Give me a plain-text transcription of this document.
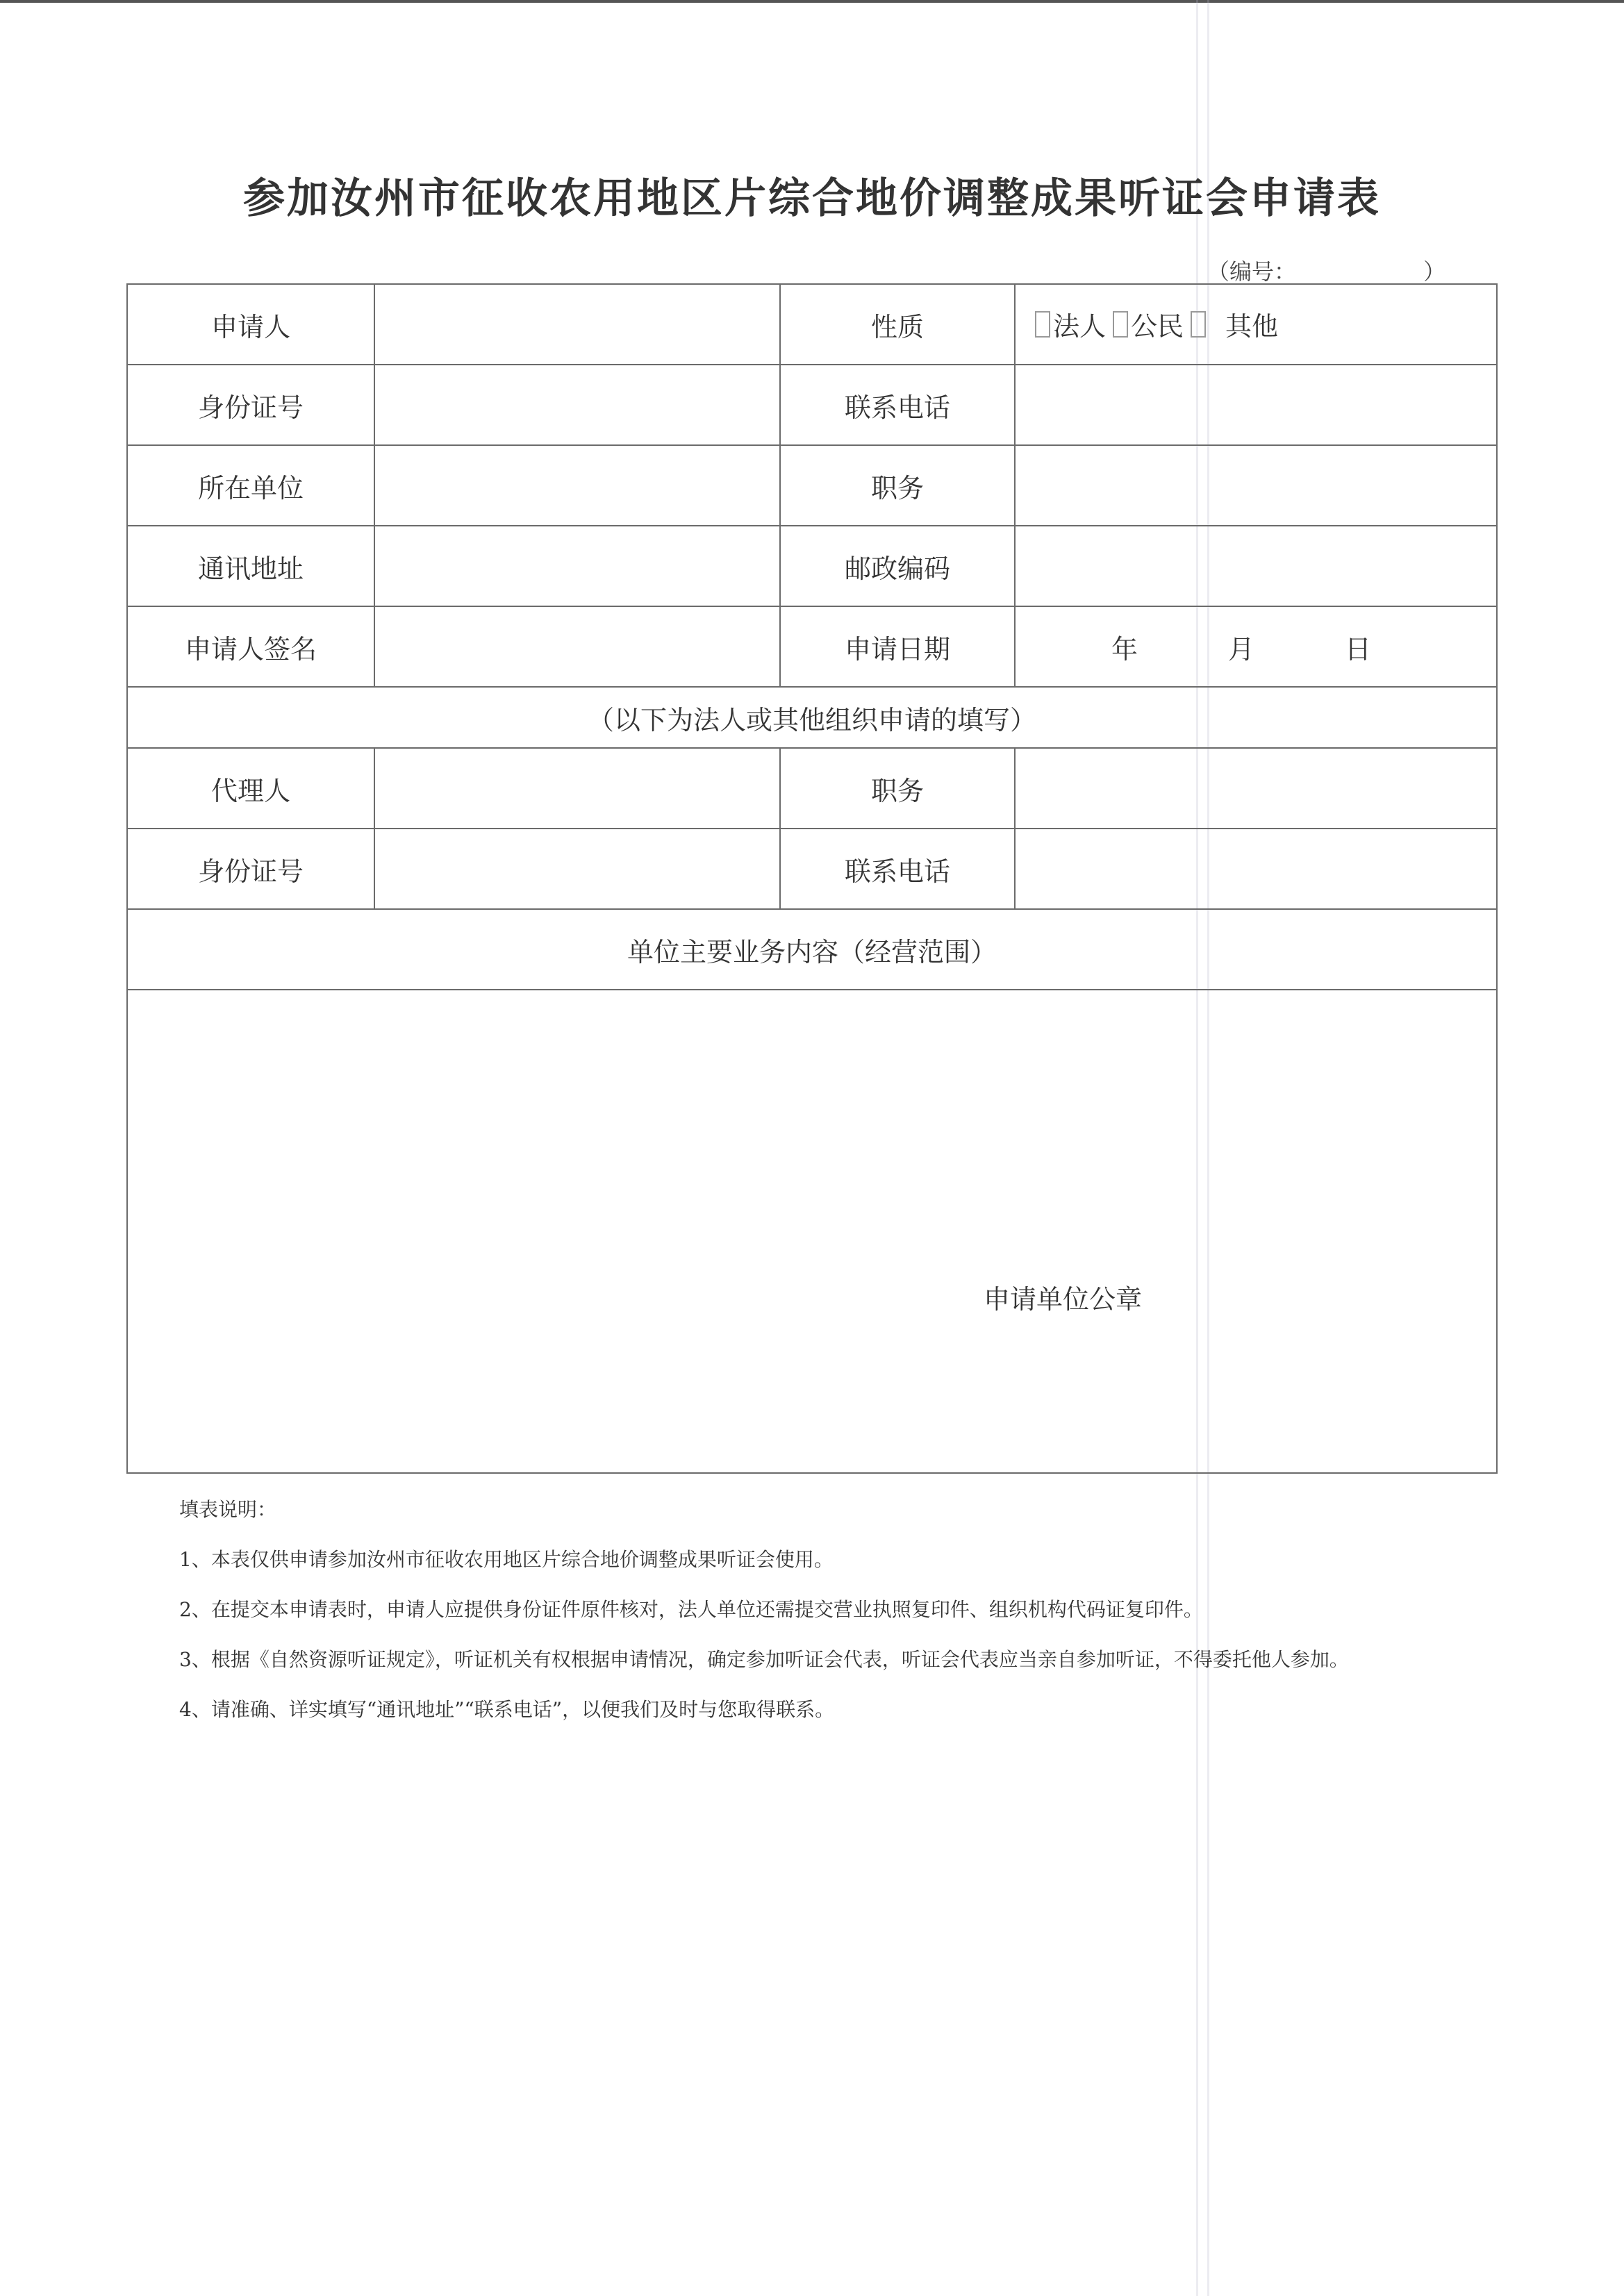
参加汝州市征收农用地区片综合地价调整成果听证会申请表
（编号：                  ）
申请人		性质	法人 公民 其他

身份证号		联系电话	
所在单位		职务	
通讯地址		邮政编码	
申请人签名		申请日期	年 月 日

（以下为法人或其他组织申请的填写）			
代理人		职务	
身份证号		联系电话	
单位主要业务内容（经营范围）			

申请单位公章			
填表说明：
1、本表仅供申请参加汝州市征收农用地区片综合地价调整成果听证会使用。
2、在提交本申请表时，申请人应提供身份证件原件核对，法人单位还需提交营业执照复印件、组织机构代码证复印件。
3、根据《自然资源听证规定》，听证机关有权根据申请情况，确定参加听证会代表，听证会代表应当亲自参加听证，不得委托他人参加。
4、请准确、详实填写“通讯地址”“联系电话”，以便我们及时与您取得联系。
